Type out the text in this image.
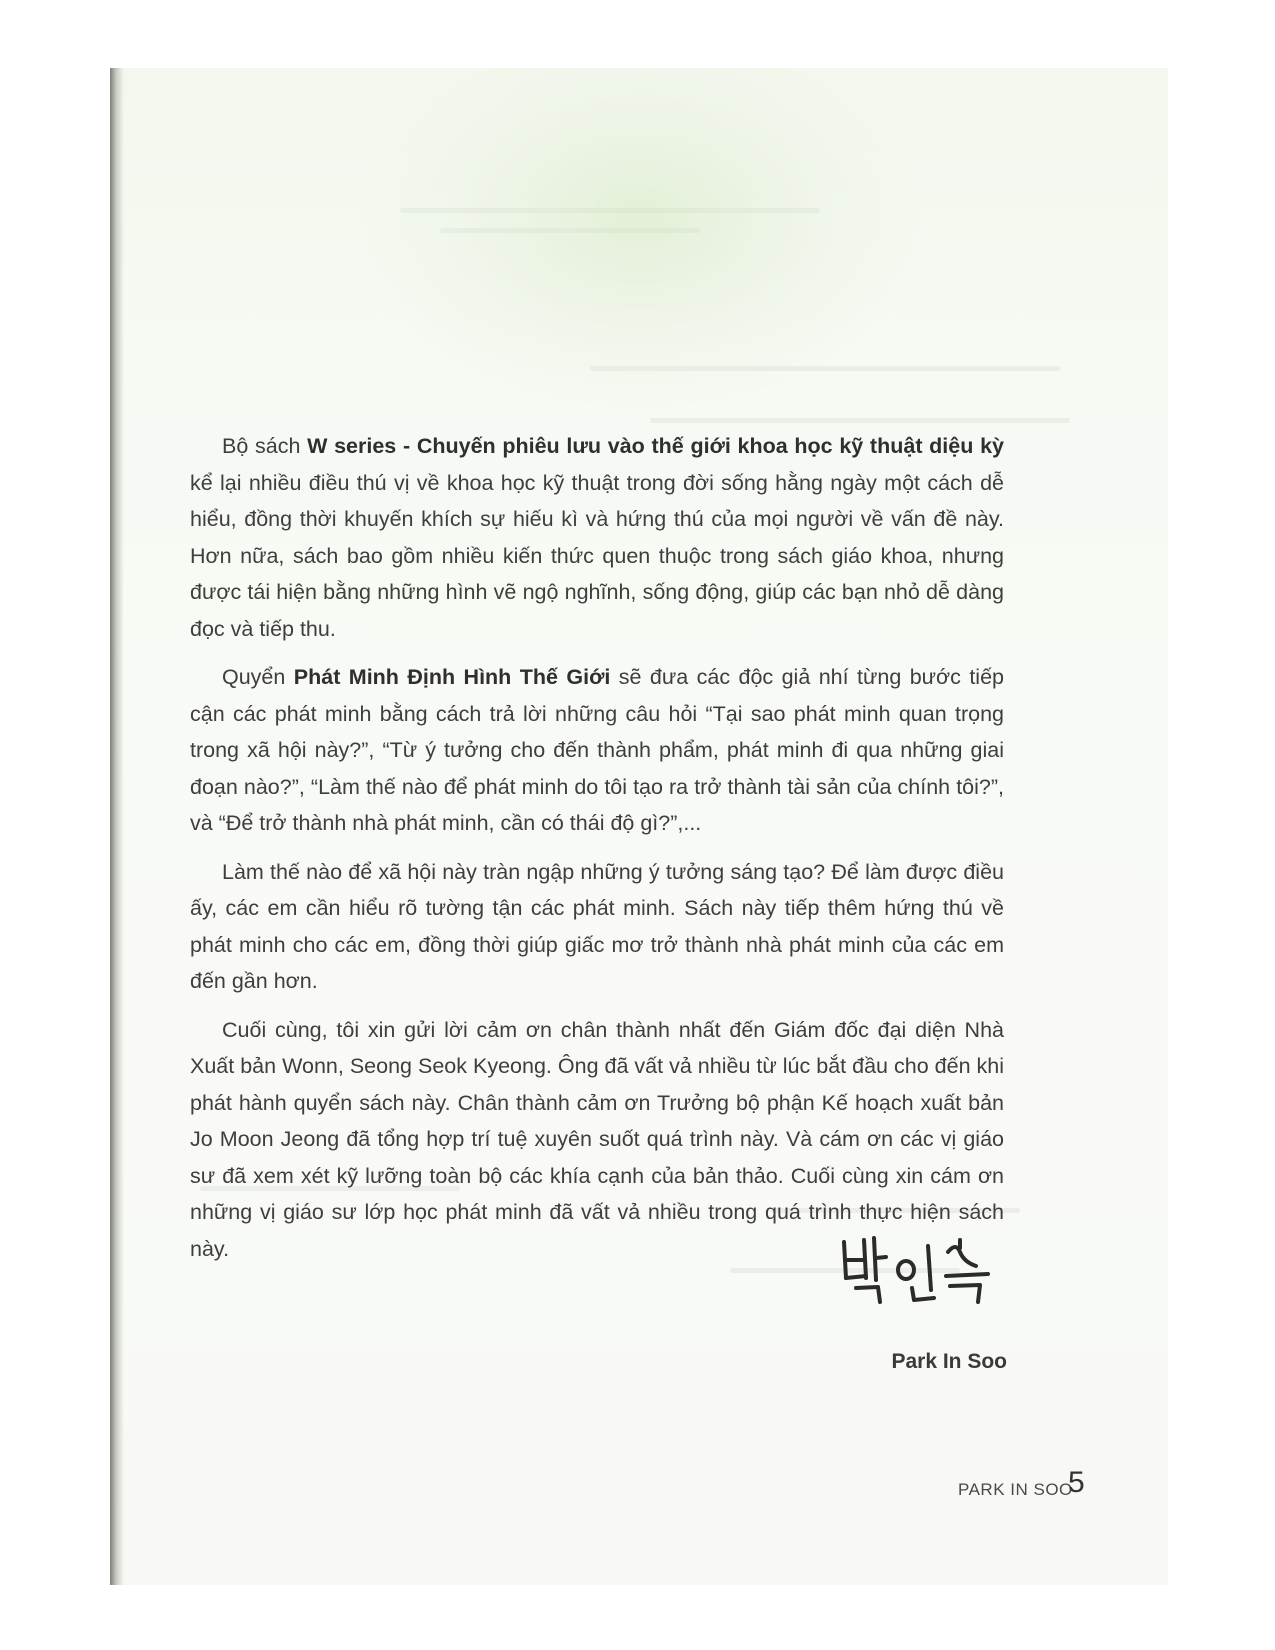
Bộ sách W series - Chuyến phiêu lưu vào thế giới khoa học kỹ thuật diệu kỳ kể lại nhiều điều thú vị về khoa học kỹ thuật trong đời sống hằng ngày một cách dễ hiểu, đồng thời khuyến khích sự hiếu kì và hứng thú của mọi người về vấn đề này. Hơn nữa, sách bao gồm nhiều kiến thức quen thuộc trong sách giáo khoa, nhưng được tái hiện bằng những hình vẽ ngộ nghĩnh, sống động, giúp các bạn nhỏ dễ dàng đọc và tiếp thu.

Quyển Phát Minh Định Hình Thế Giới sẽ đưa các độc giả nhí từng bước tiếp cận các phát minh bằng cách trả lời những câu hỏi “Tại sao phát minh quan trọng trong xã hội này?”, “Từ ý tưởng cho đến thành phẩm, phát minh đi qua những giai đoạn nào?”, “Làm thế nào để phát minh do tôi tạo ra trở thành tài sản của chính tôi?”, và “Để trở thành nhà phát minh, cần có thái độ gì?”,...

Làm thế nào để xã hội này tràn ngập những ý tưởng sáng tạo? Để làm được điều ấy, các em cần hiểu rõ tường tận các phát minh. Sách này tiếp thêm hứng thú về phát minh cho các em, đồng thời giúp giấc mơ trở thành nhà phát minh của các em đến gần hơn.

Cuối cùng, tôi xin gửi lời cảm ơn chân thành nhất đến Giám đốc đại diện Nhà Xuất bản Wonn, Seong Seok Kyeong. Ông đã vất vả nhiều từ lúc bắt đầu cho đến khi phát hành quyển sách này. Chân thành cảm ơn Trưởng bộ phận Kế hoạch xuất bản Jo Moon Jeong đã tổng hợp trí tuệ xuyên suốt quá trình này. Và cám ơn các vị giáo sư đã xem xét kỹ lưỡng toàn bộ các khía cạnh của bản thảo. Cuối cùng xin cám ơn những vị giáo sư lớp học phát minh đã vất vả nhiều trong quá trình thực hiện sách này.

Park In Soo
PARK IN SOO
5
